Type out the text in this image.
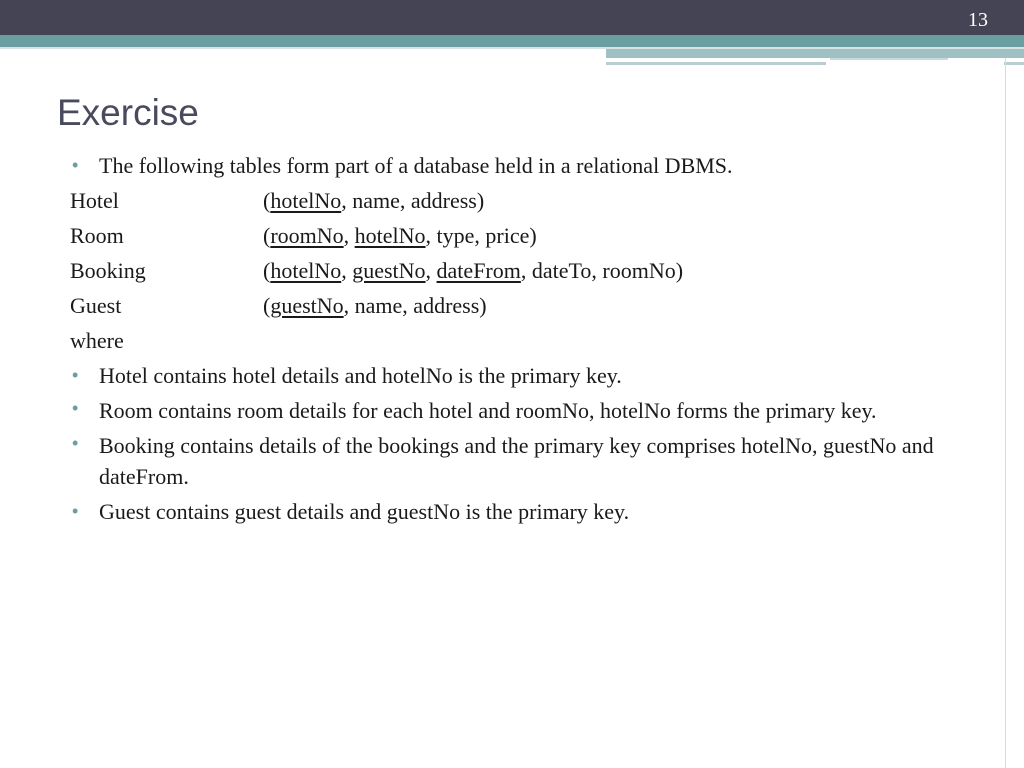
13
Exercise
• The following tables form part of a database held in a relational DBMS.
Hotel	(hotelNo, name, address)
Room	(roomNo, hotelNo, type, price)
Booking	(hotelNo, guestNo, dateFrom, dateTo, roomNo)
Guest	(guestNo, name, address)
where
• Hotel contains hotel details and hotelNo is the primary key.
• Room contains room details for each hotel and roomNo, hotelNo forms the primary key.
• Booking contains details of the bookings and the primary key comprises hotelNo, guestNo and dateFrom.
• Guest contains guest details and guestNo is the primary key.
